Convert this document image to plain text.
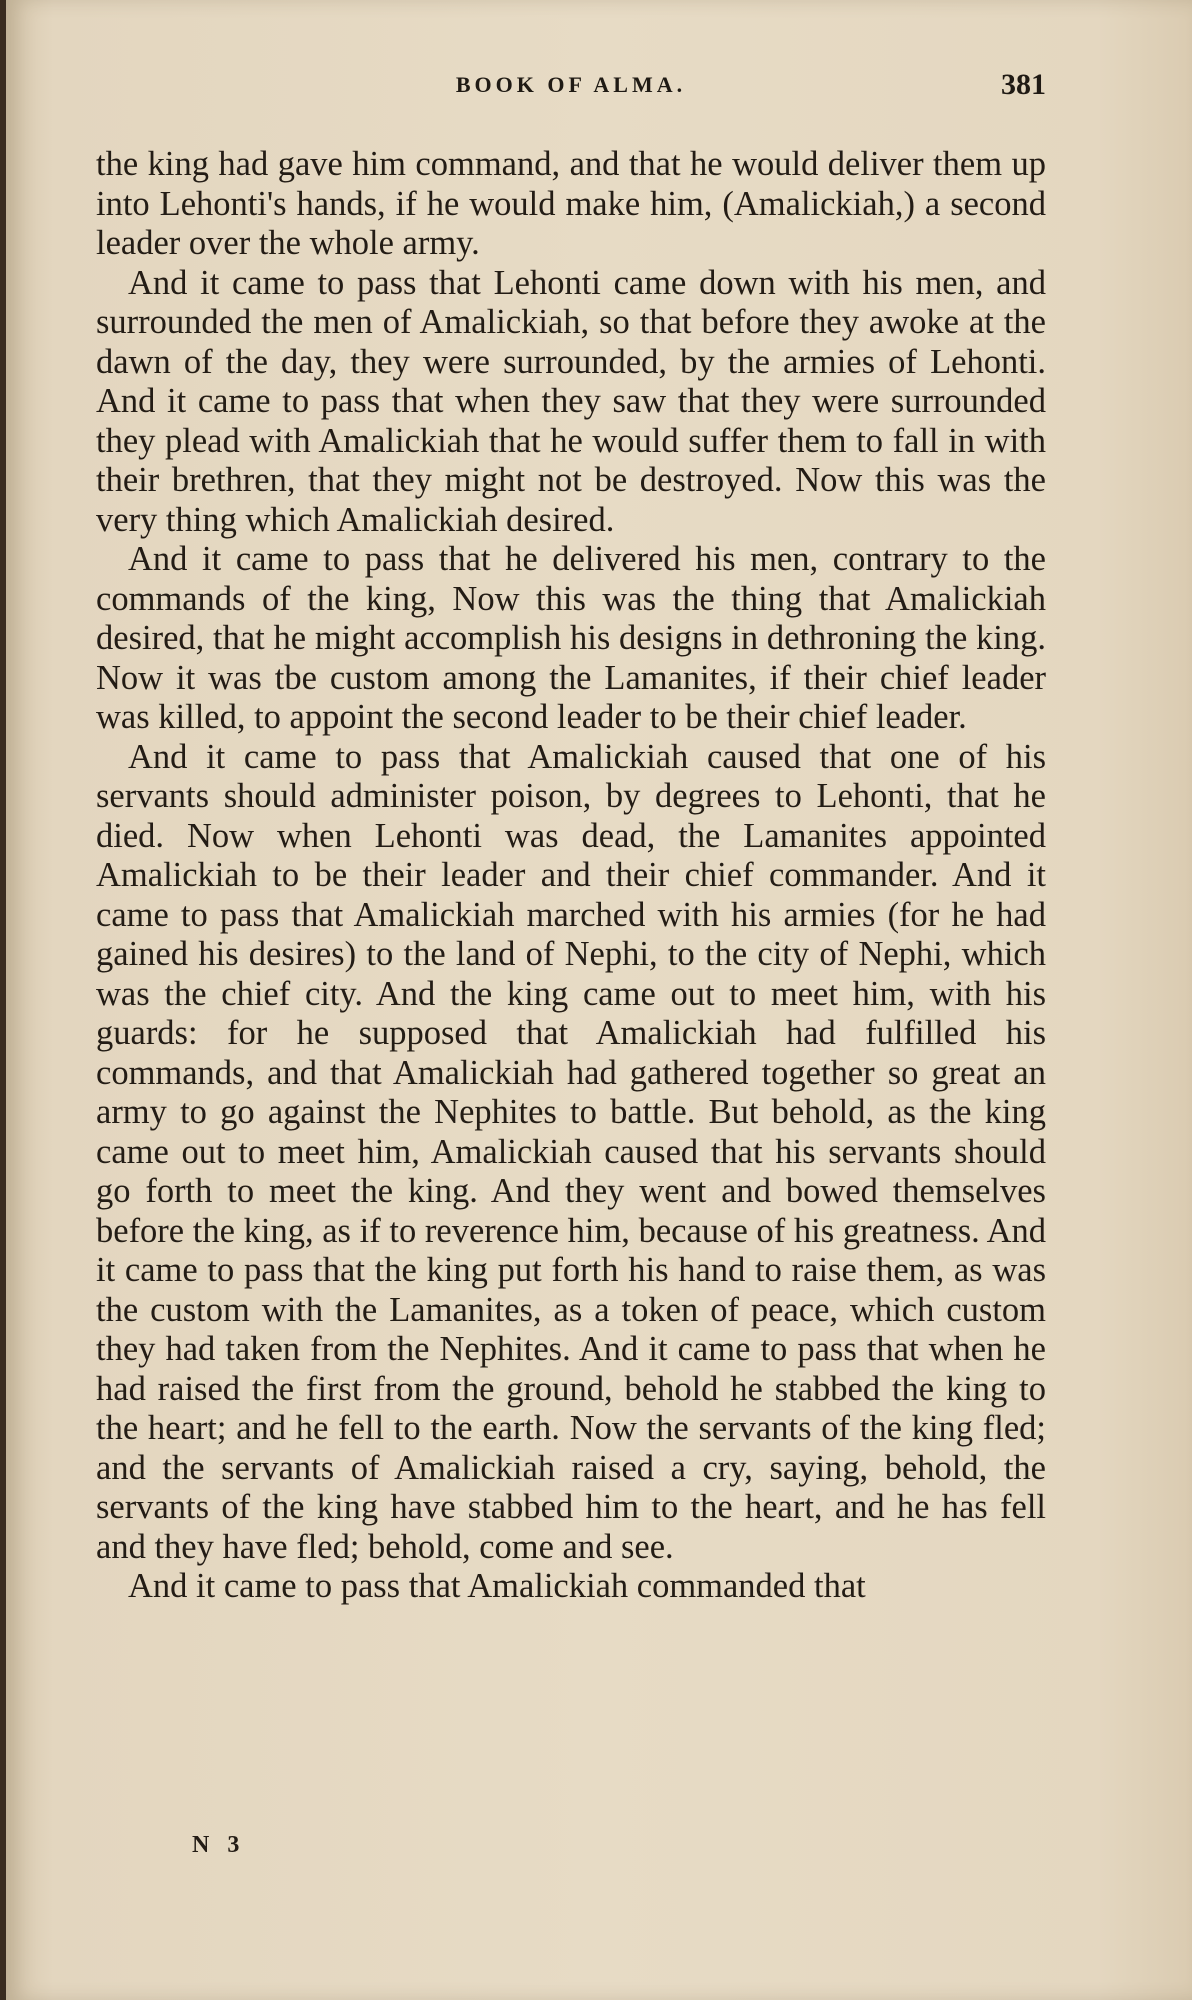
BOOK OF ALMA.	381

the king had gave him command, and that he would deliver them up into Lehonti's hands, if he would make him, (Amalickiah,) a second leader over the whole army.

And it came to pass that Lehonti came down with his men, and surrounded the men of Amalickiah, so that before they awoke at the dawn of the day, they were surrounded, by the armies of Lehonti. And it came to pass that when they saw that they were surrounded they plead with Amalickiah that he would suffer them to fall in with their brethren, that they might not be destroyed. Now this was the very thing which Amalickiah desired.

And it came to pass that he delivered his men, contrary to the commands of the king, Now this was the thing that Amalickiah desired, that he might accomplish his designs in dethroning the king. Now it was tbe custom among the Lamanites, if their chief leader was killed, to appoint the second leader to be their chief leader.

And it came to pass that Amalickiah caused that one of his servants should administer poison, by degrees to Lehonti, that he died. Now when Lehonti was dead, the Lamanites appointed Amalickiah to be their leader and their chief commander. And it came to pass that Amalickiah marched with his armies (for he had gained his desires) to the land of Nephi, to the city of Nephi, which was the chief city. And the king came out to meet him, with his guards: for he supposed that Amalickiah had fulfilled his commands, and that Amalickiah had gathered together so great an army to go against the Nephites to battle. But behold, as the king came out to meet him, Amalickiah caused that his servants should go forth to meet the king. And they went and bowed themselves before the king, as if to reverence him, because of his greatness. And it came to pass that the king put forth his hand to raise them, as was the custom with the Lamanites, as a token of peace, which custom they had taken from the Nephites. And it came to pass that when he had raised the first from the ground, behold he stabbed the king to the heart; and he fell to the earth. Now the servants of the king fled; and the servants of Amalickiah raised a cry, saying, behold, the servants of the king have stabbed him to the heart, and he has fell and they have fled; behold, come and see.

And it came to pass that Amalickiah commanded that

N 3
